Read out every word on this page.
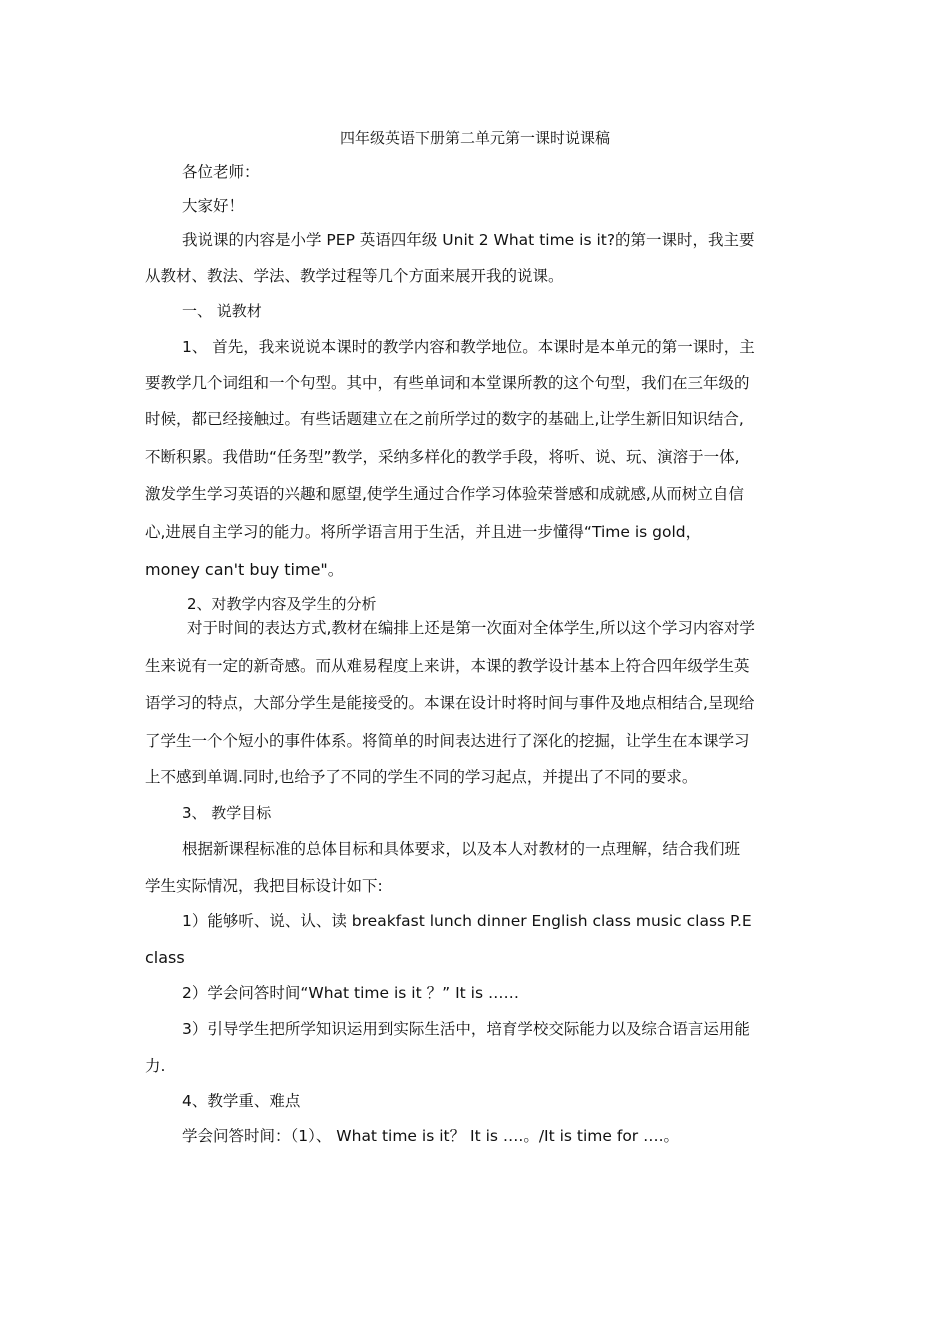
四年级英语下册第二单元第一课时说课稿
各位老师：
大家好！
我说课的内容是小学 PEP 英语四年级 Unit 2 What time is it?的第一课时，我主要
从教材、教法、学法、教学过程等几个方面来展开我的说课。
一、 说教材
1、 首先，我来说说本课时的教学内容和教学地位。本课时是本单元的第一课时，主
要教学几个词组和一个句型。其中，有些单词和本堂课所教的这个句型，我们在三年级的
时候，都已经接触过。有些话题建立在之前所学过的数字的基础上,让学生新旧知识结合,
不断积累。我借助“任务型”教学，采纳多样化的教学手段，将听、说、玩、演溶于一体,
激发学生学习英语的兴趣和愿望,使学生通过合作学习体验荣誉感和成就感,从而树立自信
心,进展自主学习的能力。将所学语言用于生活，并且进一步懂得“Time is gold，
money can't buy time"。
2、对教学内容及学生的分析
对于时间的表达方式,教材在编排上还是第一次面对全体学生,所以这个学习内容对学
生来说有一定的新奇感。而从难易程度上来讲，本课的教学设计基本上符合四年级学生英
语学习的特点，大部分学生是能接受的。本课在设计时将时间与事件及地点相结合,呈现给
了学生一个个短小的事件体系。将简单的时间表达进行了深化的挖掘，让学生在本课学习
上不感到单调.同时,也给予了不同的学生不同的学习起点，并提出了不同的要求。
3、 教学目标
根据新课程标准的总体目标和具体要求，以及本人对教材的一点理解，结合我们班
学生实际情况，我把目标设计如下:
1）能够听、说、认、读 breakfast lunch dinner English class music class P.E
class
2）学会问答时间“What time is it ？” It is ……
3）引导学生把所学知识运用到实际生活中，培育学校交际能力以及综合语言运用能
力.
4、教学重、难点
学会问答时间：（1）、 What time is it？ It is ….。/It is time for ….。
